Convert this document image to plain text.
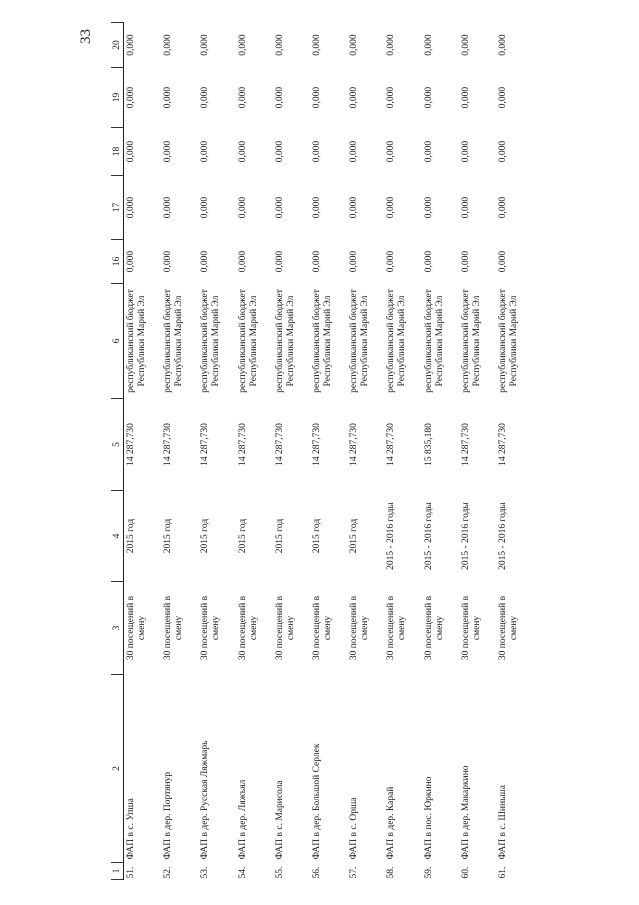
33
1	2	3	4	5	6	16	17	18	19	20
51.	ФАП в с. Упша	30 посещений в смену	2015 год	14 287,730	республиканский бюджет Республики Марий Эл	0,000	0,000	0,000	0,000	0,000
52.	ФАП в дер. Портянур	30 посещений в смену	2015 год	14 287,730	республиканский бюджет Республики Марий Эл	0,000	0,000	0,000	0,000	0,000
53.	ФАП в дер. Русская Ляжмарь	30 посещений в смену	2015 год	14 287,730	республиканский бюджет Республики Марий Эл	0,000	0,000	0,000	0,000	0,000
54.	ФАП в дер. Ляжъял	30 посещений в смену	2015 год	14 287,730	республиканский бюджет Республики Марий Эл	0,000	0,000	0,000	0,000	0,000
55.	ФАП в с. Марисола	30 посещений в смену	2015 год	14 287,730	республиканский бюджет Республики Марий Эл	0,000	0,000	0,000	0,000	0,000
56.	ФАП в дер. Большой Серлек	30 посещений в смену	2015 год	14 287,730	республиканский бюджет Республики Марий Эл	0,000	0,000	0,000	0,000	0,000
57.	ФАП в с. Орша	30 посещений в смену	2015 год	14 287,730	республиканский бюджет Республики Марий Эл	0,000	0,000	0,000	0,000	0,000
58.	ФАП в дер. Карай	30 посещений в смену	2015 - 2016 годы	14 287,730	республиканский бюджет Республики Марий Эл	0,000	0,000	0,000	0,000	0,000
59.	ФАП в пос. Юркино	30 посещений в смену	2015 - 2016 годы	15 835,180	республиканский бюджет Республики Марий Эл	0,000	0,000	0,000	0,000	0,000
60.	ФАП в дер. Макаркино	30 посещений в смену	2015 - 2016 годы	14 287,730	республиканский бюджет Республики Марий Эл	0,000	0,000	0,000	0,000	0,000
61.	ФАП в с. Шиньша	30 посещений в смену	2015 - 2016 годы	14 287,730	республиканский бюджет Республики Марий Эл	0,000	0,000	0,000	0,000	0,000
